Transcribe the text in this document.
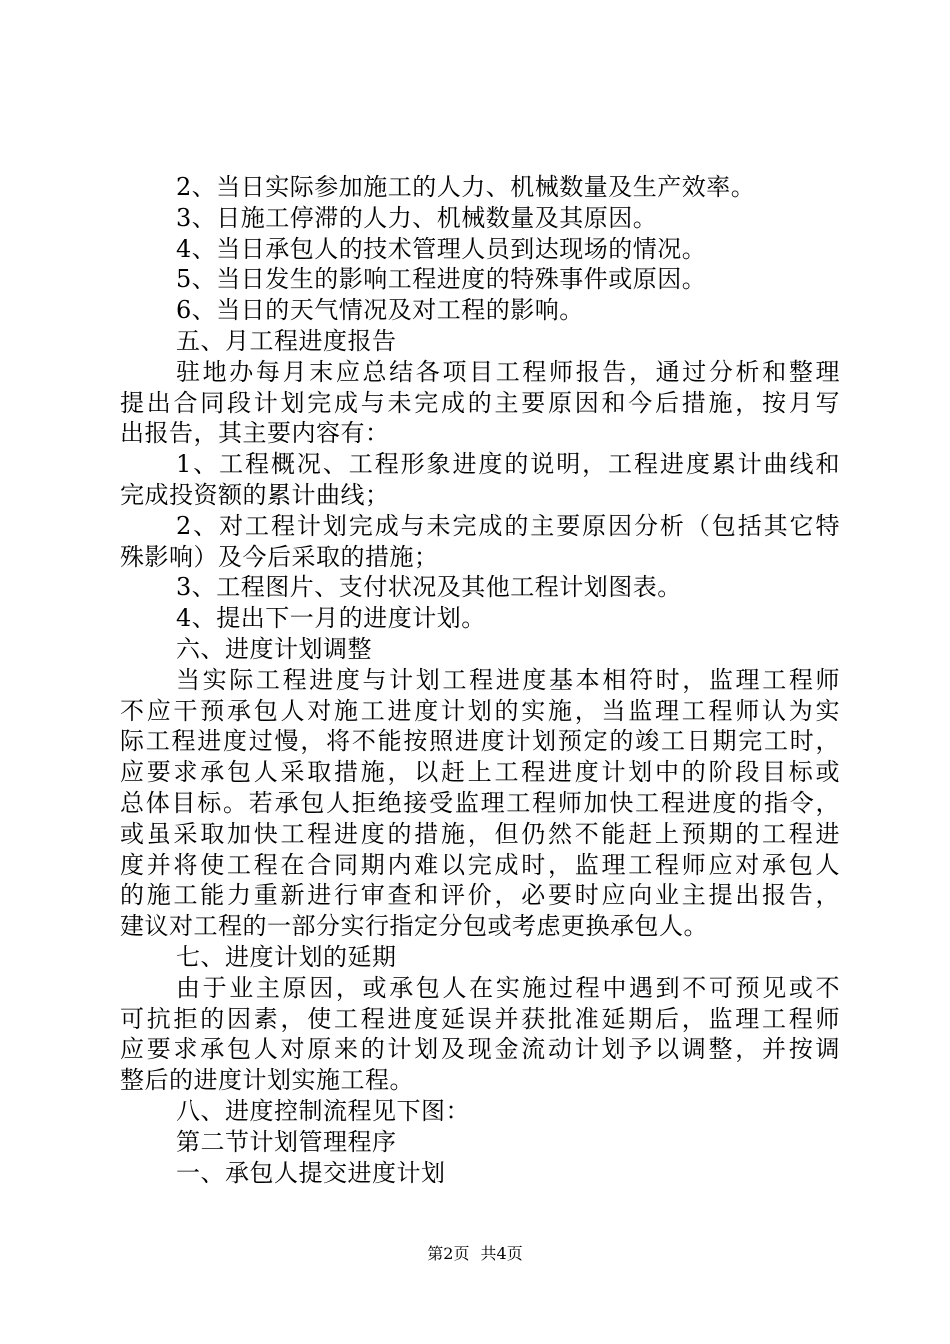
2、当日实际参加施工的人力、机械数量及生产效率。
3、日施工停滞的人力、机械数量及其原因。
4、当日承包人的技术管理人员到达现场的情况。
5、当日发生的影响工程进度的特殊事件或原因。
6、当日的天气情况及对工程的影响。
五、月工程进度报告
驻地办每月末应总结各项目工程师报告，通过分析和整理
提出合同段计划完成与未完成的主要原因和今后措施，按月写
出报告，其主要内容有：
1、工程概况、工程形象进度的说明，工程进度累计曲线和
完成投资额的累计曲线；
2、对工程计划完成与未完成的主要原因分析（包括其它特
殊影响）及今后采取的措施；
3、工程图片、支付状况及其他工程计划图表。
4、提出下一月的进度计划。
六、进度计划调整
当实际工程进度与计划工程进度基本相符时，监理工程师
不应干预承包人对施工进度计划的实施，当监理工程师认为实
际工程进度过慢，将不能按照进度计划预定的竣工日期完工时，
应要求承包人采取措施，以赶上工程进度计划中的阶段目标或
总体目标。若承包人拒绝接受监理工程师加快工程进度的指令，
或虽采取加快工程进度的措施，但仍然不能赶上预期的工程进
度并将使工程在合同期内难以完成时，监理工程师应对承包人
的施工能力重新进行审查和评价，必要时应向业主提出报告，
建议对工程的一部分实行指定分包或考虑更换承包人。
七、进度计划的延期
由于业主原因，或承包人在实施过程中遇到不可预见或不
可抗拒的因素，使工程进度延误并获批准延期后，监理工程师
应要求承包人对原来的计划及现金流动计划予以调整，并按调
整后的进度计划实施工程。
八、进度控制流程见下图：
第二节计划管理程序
一、承包人提交进度计划
第2页 共4页
